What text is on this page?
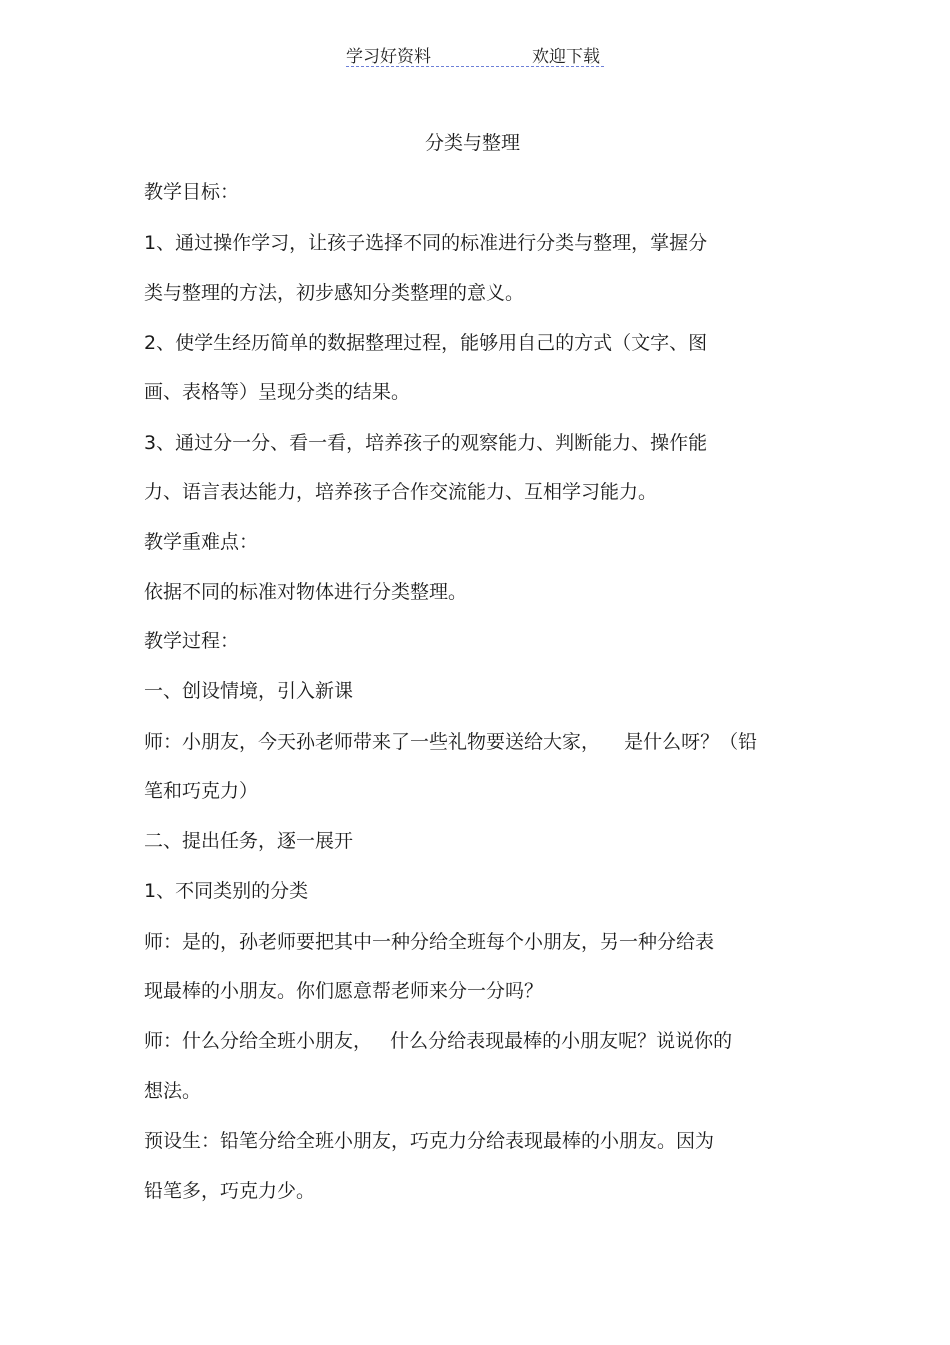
学习好资料	欢迎下载
分类与整理
教学目标：
1、通过操作学习，让孩子选择不同的标准进行分类与整理，掌握分
类与整理的方法，初步感知分类整理的意义。
2、使学生经历简单的数据整理过程，能够用自己的方式（文字、图
画、表格等）呈现分类的结果。
3、通过分一分、看一看，培养孩子的观察能力、判断能力、操作能
力、语言表达能力，培养孩子合作交流能力、互相学习能力。
教学重难点：
依据不同的标准对物体进行分类整理。
教学过程：
一、创设情境，引入新课
师：小朋友，今天孙老师带来了一些礼物要送给大家，    是什么呀？（铅
笔和巧克力）
二、提出任务，逐一展开
1、不同类别的分类
师：是的，孙老师要把其中一种分给全班每个小朋友，另一种分给表
现最棒的小朋友。你们愿意帮老师来分一分吗？
师：什么分给全班小朋友，   什么分给表现最棒的小朋友呢？说说你的
想法。
预设生：铅笔分给全班小朋友，巧克力分给表现最棒的小朋友。因为
铅笔多，巧克力少。
